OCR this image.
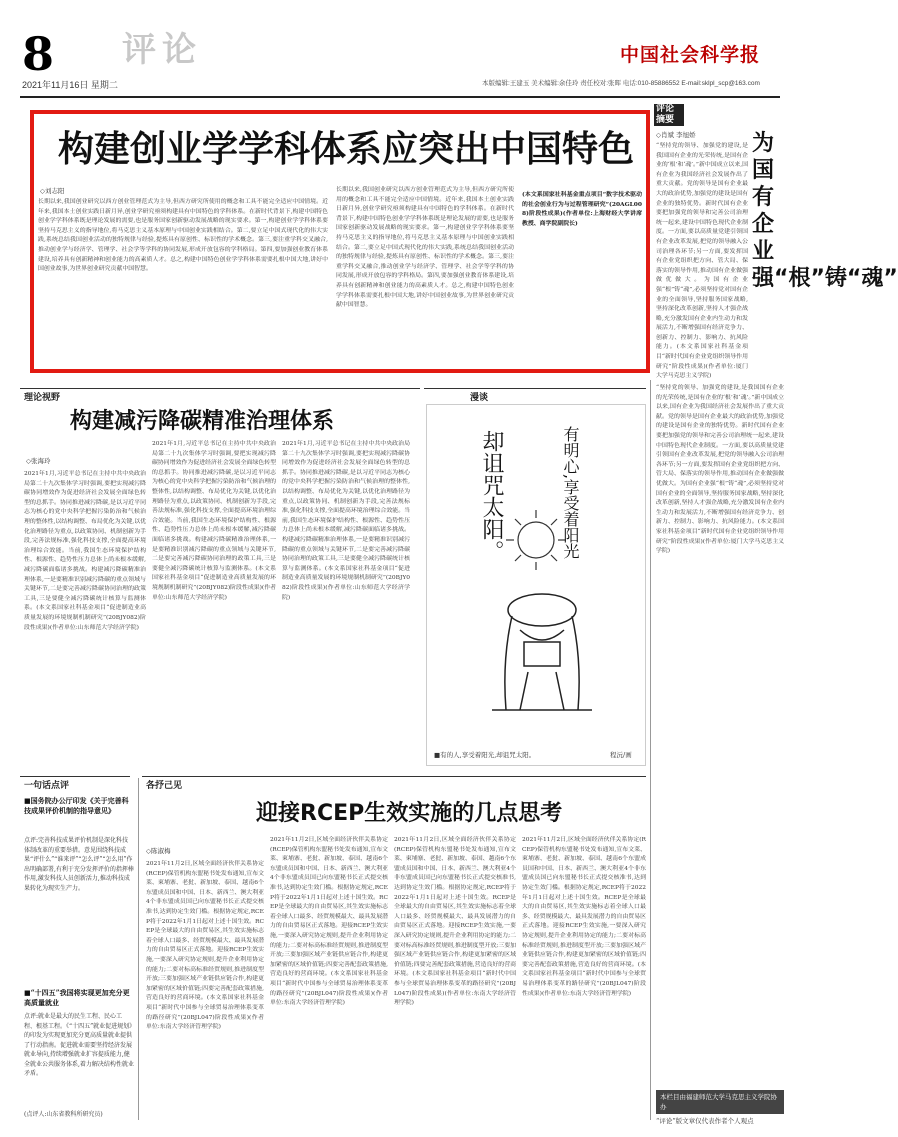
8 评论	中国社会科学报
2021年11月16日 星期二	本版编辑:王建玉 美术编辑:余佳玲 责任校对:张晖 电话:010-85886552 E-mail:sklpl_scp@163.com
构建创业学学科体系应突出中国特色
◇刘志阳
长期以来,我国创业研究以西方创业管理范式为主导,但西方研究所使用的概念和工具不能完全适应中国情境。近年来,我国本土创业实践日新月异,创业学研究亟须构建具有中国特色的学科体系。在新时代背景下,构建中国特色创业学学科体系既是理论发展的需要,也是服务国家创新驱动发展战略的现实要求。第一,构建创业学学科体系要坚持马克思主义的指导地位,将马克思主义基本原理与中国创业实践相结合。第二,要立足中国式现代化的伟大实践,系统总结我国创业活动的独特规律与经验,提炼具有原创性、标识性的学术概念。第三,要注重学科交叉融合,推动创业学与经济学、管理学、社会学等学科的协同发展,形成开放包容的学科格局。第四,要加强创业教育体系建设,培养具有创新精神和创业能力的高素质人才。总之,构建中国特色创业学学科体系需要扎根中国大地,讲好中国创业故事,为世界创业研究贡献中国智慧。
长期以来,我国创业研究以西方创业管理范式为主导,但西方研究所使用的概念和工具不能完全适应中国情境。近年来,我国本土创业实践日新月异,创业学研究亟须构建具有中国特色的学科体系。在新时代背景下,构建中国特色创业学学科体系既是理论发展的需要,也是服务国家创新驱动发展战略的现实要求。第一,构建创业学学科体系要坚持马克思主义的指导地位,将马克思主义基本原理与中国创业实践相结合。第二,要立足中国式现代化的伟大实践,系统总结我国创业活动的独特规律与经验,提炼具有原创性、标识性的学术概念。第三,要注重学科交叉融合,推动创业学与经济学、管理学、社会学等学科的协同发展,形成开放包容的学科格局。第四,要加强创业教育体系建设,培养具有创新精神和创业能力的高素质人才。总之,构建中国特色创业学学科体系需要扎根中国大地,讲好中国创业故事,为世界创业研究贡献中国智慧。
(本文系国家社科基金重点项目“数字技术驱动的社会创业行为与过程管理研究”(20AGL008)阶段性成果)(作者单位:上海财经大学讲席教授、商学院副院长)
评论
摘要
◇肖斌 李旭娇	为国有企业强“根”铸“魂”
“坚持党的领导、加强党的建设,是我国国有企业的光荣传统,是国有企业的‘根’和‘魂’。”新中国成立以来,国有企业为我国经济社会发展作出了重大贡献。党的领导是国有企业最大的政治优势,加强党的建设是国有企业的独特优势。新时代国有企业要把加强党的领导和完善公司治理统一起来,建设中国特色现代企业制度。一方面,要以高质量党建引领国有企业改革发展,把党的领导融入公司治理各环节;另一方面,要发挥国有企业党组织把方向、管大局、保落实的领导作用,推动国有企业做强做优做大。为国有企业强“根”铸“魂”,必须坚持党对国有企业的全面领导,坚持服务国家战略,坚持深化改革创新,坚持人才强企战略,充分激发国有企业内生动力和发展活力,不断增强国有经济竞争力、创新力、控制力、影响力、抗风险能力。(本文系国家社科基金项目“新时代国有企业党组织领导作用研究”阶段性成果)(作者单位:厦门大学马克思主义学院)
“坚持党的领导、加强党的建设,是我国国有企业的光荣传统,是国有企业的‘根’和‘魂’。”新中国成立以来,国有企业为我国经济社会发展作出了重大贡献。党的领导是国有企业最大的政治优势,加强党的建设是国有企业的独特优势。新时代国有企业要把加强党的领导和完善公司治理统一起来,建设中国特色现代企业制度。一方面,要以高质量党建引领国有企业改革发展,把党的领导融入公司治理各环节;另一方面,要发挥国有企业党组织把方向、管大局、保落实的领导作用,推动国有企业做强做优做大。为国有企业强“根”铸“魂”,必须坚持党对国有企业的全面领导,坚持服务国家战略,坚持深化改革创新,坚持人才强企战略,充分激发国有企业内生动力和发展活力,不断增强国有经济竞争力、创新力、控制力、影响力、抗风险能力。(本文系国家社科基金项目“新时代国有企业党组织领导作用研究”阶段性成果)(作者单位:厦门大学马克思主义学院)
本栏目由福建师范大学马克思主义学院协办
“评论”版文章仅代表作者个人观点
理论视野
构建减污降碳精准治理体系
◇张海玲
2021年1月,习近平总书记在主持中共中央政治局第二十九次集体学习时强调,要把实现减污降碳协同增效作为促进经济社会发展全面绿色转型的总抓手。协同推进减污降碳,是以习近平同志为核心的党中央科学把握污染防治和气候治理的整体性,以结构调整、布局优化为关键,以优化治理路径为重点,以政策协同、机制创新为手段,完善法规标准,强化科技支撑,全面提高环境治理综合效能。当前,我国生态环境保护结构性、根源性、趋势性压力总体上尚未根本缓解,减污降碳面临诸多挑战。构建减污降碳精准治理体系,一是要精准识别减污降碳的重点领域与关键环节,二是要完善减污降碳协同治理的政策工具,三是要健全减污降碳统计核算与监测体系。(本文系国家社科基金项目“促进制造业高质量发展的环境规制机制研究”(20BJY082)阶段性成果)(作者单位:山东师范大学经济学院)
2021年1月,习近平总书记在主持中共中央政治局第二十九次集体学习时强调,要把实现减污降碳协同增效作为促进经济社会发展全面绿色转型的总抓手。协同推进减污降碳,是以习近平同志为核心的党中央科学把握污染防治和气候治理的整体性,以结构调整、布局优化为关键,以优化治理路径为重点,以政策协同、机制创新为手段,完善法规标准,强化科技支撑,全面提高环境治理综合效能。当前,我国生态环境保护结构性、根源性、趋势性压力总体上尚未根本缓解,减污降碳面临诸多挑战。构建减污降碳精准治理体系,一是要精准识别减污降碳的重点领域与关键环节,二是要完善减污降碳协同治理的政策工具,三是要健全减污降碳统计核算与监测体系。(本文系国家社科基金项目“促进制造业高质量发展的环境规制机制研究”(20BJY082)阶段性成果)(作者单位:山东师范大学经济学院)
2021年1月,习近平总书记在主持中共中央政治局第二十九次集体学习时强调,要把实现减污降碳协同增效作为促进经济社会发展全面绿色转型的总抓手。协同推进减污降碳,是以习近平同志为核心的党中央科学把握污染防治和气候治理的整体性,以结构调整、布局优化为关键,以优化治理路径为重点,以政策协同、机制创新为手段,完善法规标准,强化科技支撑,全面提高环境治理综合效能。当前,我国生态环境保护结构性、根源性、趋势性压力总体上尚未根本缓解,减污降碳面临诸多挑战。构建减污降碳精准治理体系,一是要精准识别减污降碳的重点领域与关键环节,二是要完善减污降碳协同治理的政策工具,三是要健全减污降碳统计核算与监测体系。(本文系国家社科基金项目“促进制造业高质量发展的环境规制机制研究”(20BJY082)阶段性成果)(作者单位:山东师范大学经济学院)
漫谈
有明心,享受着阳光
却诅咒太阳。
■有的人,享受着阳光,却诅咒太阳。	程沅/画
一句话点评
■国务院办公厅印发《关于完善科技成果评价机制的指导意见》
点评:完善科技成果评价机制是深化科技体制改革的重要举措。意见围绕科技成果“评什么”“谁来评”“怎么评”“怎么用”作出明确部署,有利于充分发挥评价的指挥棒作用,激发科技人员创新活力,推动科技成果转化为现实生产力。
■“十四五”我国将实现更加充分更高质量就业
点评:就业是最大的民生工程、民心工程、根基工程。《“十四五”就业促进规划》的印发为实现更加充分更高质量就业提供了行动指南。促进就业需要坚持经济发展就业导向,持续增强就业扩容提质能力,健全就业公共服务体系,着力解决结构性就业矛盾。
(点评人:山东省教科所研究员)
各抒己见
迎接RCEP生效实施的几点思考
◇陈淑梅
2021年11月2日,区域全面经济伙伴关系协定(RCEP)保管机构东盟秘书处发布通知,宣布文莱、柬埔寨、老挝、新加坡、泰国、越南6个东盟成员国和中国、日本、新西兰、澳大利亚4个非东盟成员国已向东盟秘书长正式提交核准书,达到协定生效门槛。根据协定规定,RCEP将于2022年1月1日起对上述十国生效。RCEP是全球最大的自由贸易区,其生效实施标志着全球人口最多、经贸规模最大、最具发展潜力的自由贸易区正式落地。迎接RCEP生效实施,一要深入研究协定规则,提升企业利用协定的能力;二要对标高标准经贸规则,推进制度型开放;三要加强区域产业链供应链合作,构建更加紧密的区域价值链;四要完善配套政策措施,营造良好的营商环境。(本文系国家社科基金项目“新时代中国参与全球贸易治理体系变革的路径研究”(20BJL047)阶段性成果)(作者单位:东南大学经济管理学院)
2021年11月2日,区域全面经济伙伴关系协定(RCEP)保管机构东盟秘书处发布通知,宣布文莱、柬埔寨、老挝、新加坡、泰国、越南6个东盟成员国和中国、日本、新西兰、澳大利亚4个非东盟成员国已向东盟秘书长正式提交核准书,达到协定生效门槛。根据协定规定,RCEP将于2022年1月1日起对上述十国生效。RCEP是全球最大的自由贸易区,其生效实施标志着全球人口最多、经贸规模最大、最具发展潜力的自由贸易区正式落地。迎接RCEP生效实施,一要深入研究协定规则,提升企业利用协定的能力;二要对标高标准经贸规则,推进制度型开放;三要加强区域产业链供应链合作,构建更加紧密的区域价值链;四要完善配套政策措施,营造良好的营商环境。(本文系国家社科基金项目“新时代中国参与全球贸易治理体系变革的路径研究”(20BJL047)阶段性成果)(作者单位:东南大学经济管理学院)
2021年11月2日,区域全面经济伙伴关系协定(RCEP)保管机构东盟秘书处发布通知,宣布文莱、柬埔寨、老挝、新加坡、泰国、越南6个东盟成员国和中国、日本、新西兰、澳大利亚4个非东盟成员国已向东盟秘书长正式提交核准书,达到协定生效门槛。根据协定规定,RCEP将于2022年1月1日起对上述十国生效。RCEP是全球最大的自由贸易区,其生效实施标志着全球人口最多、经贸规模最大、最具发展潜力的自由贸易区正式落地。迎接RCEP生效实施,一要深入研究协定规则,提升企业利用协定的能力;二要对标高标准经贸规则,推进制度型开放;三要加强区域产业链供应链合作,构建更加紧密的区域价值链;四要完善配套政策措施,营造良好的营商环境。(本文系国家社科基金项目“新时代中国参与全球贸易治理体系变革的路径研究”(20BJL047)阶段性成果)(作者单位:东南大学经济管理学院)
2021年11月2日,区域全面经济伙伴关系协定(RCEP)保管机构东盟秘书处发布通知,宣布文莱、柬埔寨、老挝、新加坡、泰国、越南6个东盟成员国和中国、日本、新西兰、澳大利亚4个非东盟成员国已向东盟秘书长正式提交核准书,达到协定生效门槛。根据协定规定,RCEP将于2022年1月1日起对上述十国生效。RCEP是全球最大的自由贸易区,其生效实施标志着全球人口最多、经贸规模最大、最具发展潜力的自由贸易区正式落地。迎接RCEP生效实施,一要深入研究协定规则,提升企业利用协定的能力;二要对标高标准经贸规则,推进制度型开放;三要加强区域产业链供应链合作,构建更加紧密的区域价值链;四要完善配套政策措施,营造良好的营商环境。(本文系国家社科基金项目“新时代中国参与全球贸易治理体系变革的路径研究”(20BJL047)阶段性成果)(作者单位:东南大学经济管理学院)
